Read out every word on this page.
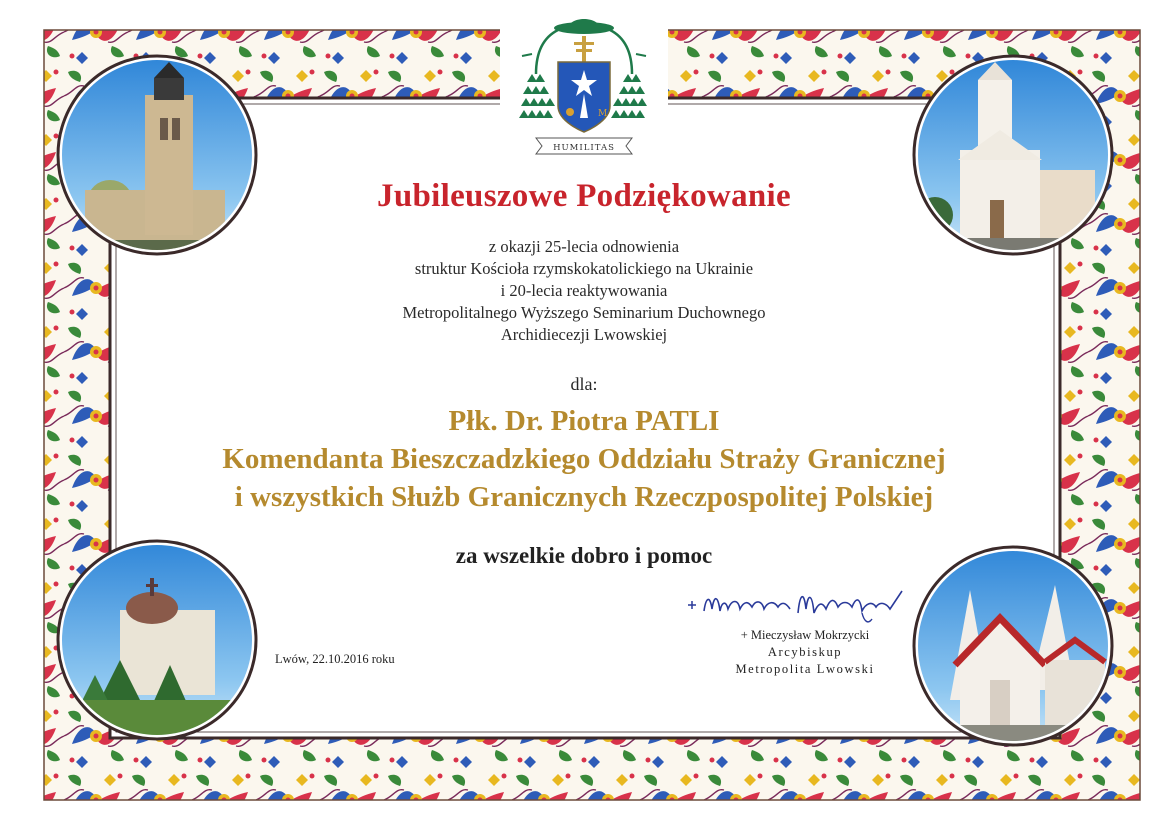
M
HUMILITAS
Jubileuszowe Podziękowanie
z okazji 25-lecia odnowienia
struktur Kościoła rzymskokatolickiego na Ukrainie
i 20-lecia reaktywowania
Metropolitalnego Wyższego Seminarium Duchownego
Archidiecezji Lwowskiej
dla:
Płk. Dr. Piotra PATLI
Komendanta Bieszczadzkiego Oddziału Straży Granicznej
i wszystkich Służb Granicznych Rzeczpospolitej Polskiej
za wszelkie dobro i pomoc
Lwów, 22.10.2016 roku
+ Mieczysław Mokrzycki
Arcybiskup
Metropolita Lwowski
